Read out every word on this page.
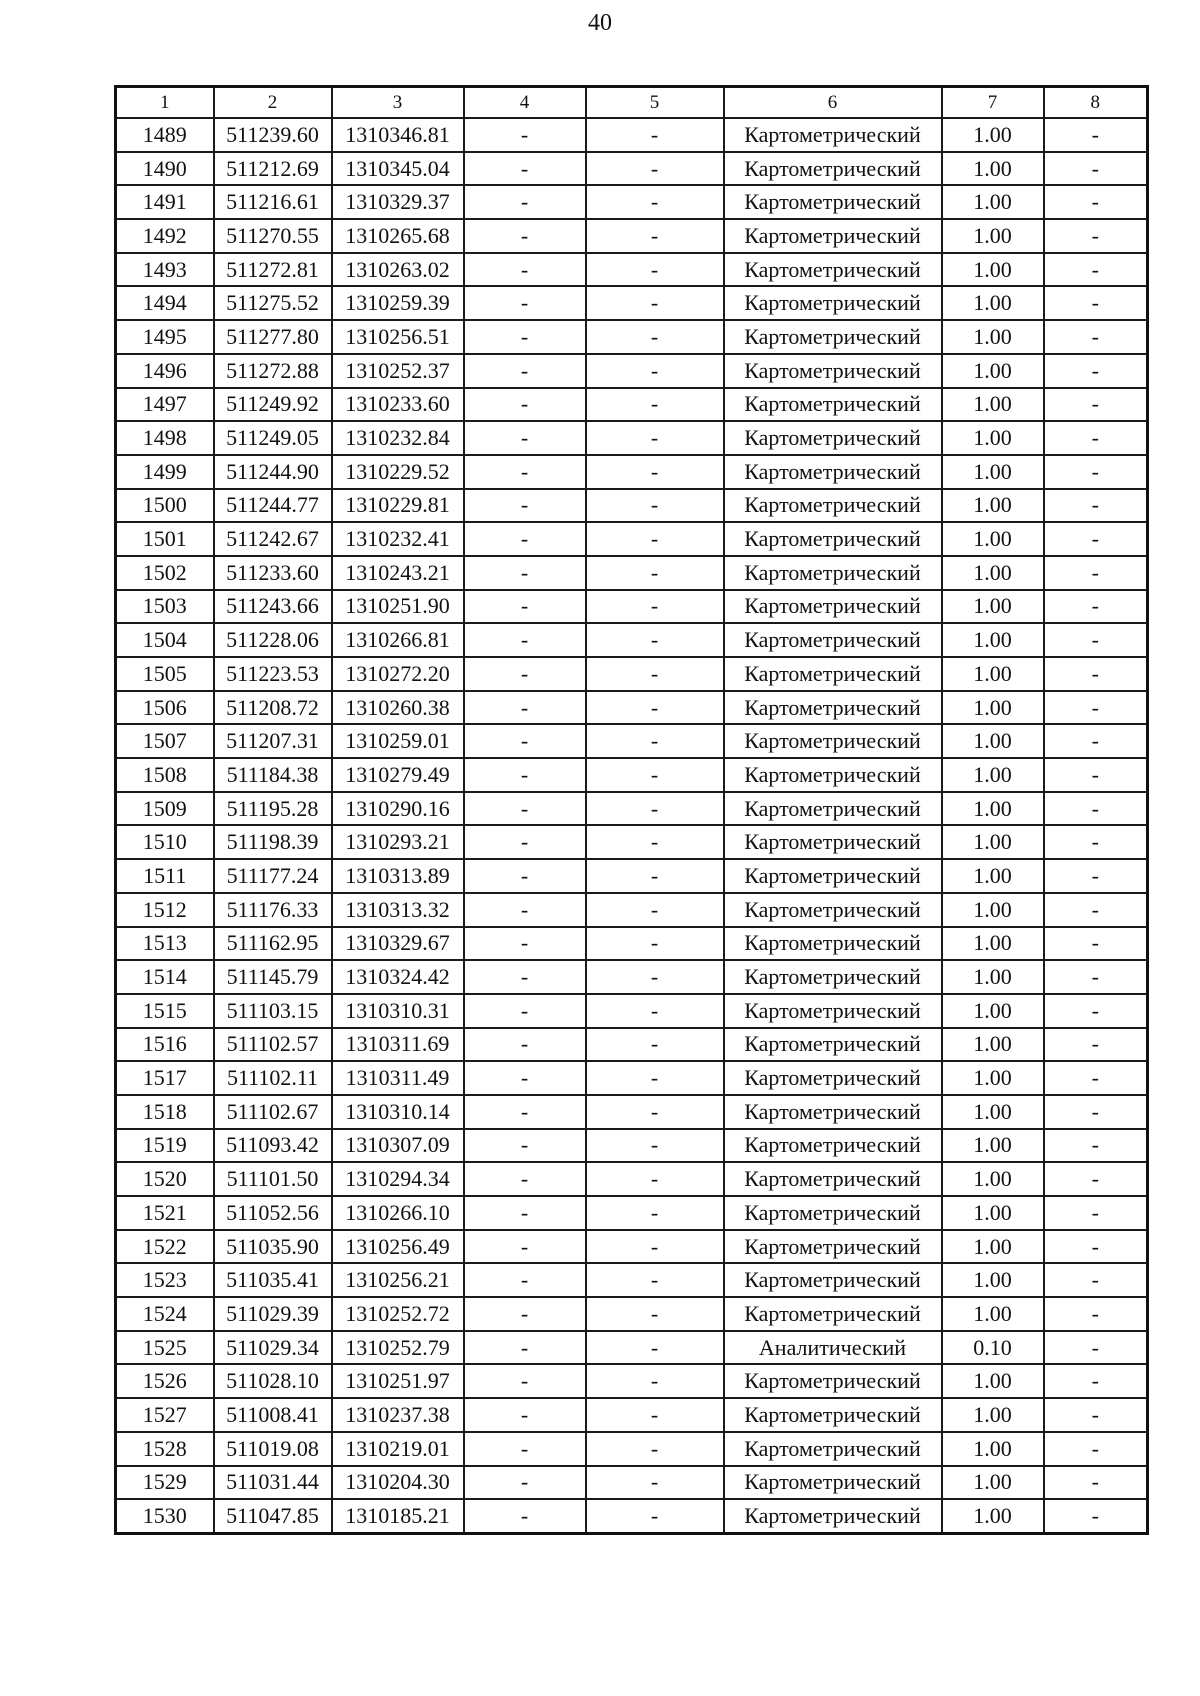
40
1	2	3	4	5	6	7	8
1489	511239.60	1310346.81	-	-	Картометрический	1.00	-
1490	511212.69	1310345.04	-	-	Картометрический	1.00	-
1491	511216.61	1310329.37	-	-	Картометрический	1.00	-
1492	511270.55	1310265.68	-	-	Картометрический	1.00	-
1493	511272.81	1310263.02	-	-	Картометрический	1.00	-
1494	511275.52	1310259.39	-	-	Картометрический	1.00	-
1495	511277.80	1310256.51	-	-	Картометрический	1.00	-
1496	511272.88	1310252.37	-	-	Картометрический	1.00	-
1497	511249.92	1310233.60	-	-	Картометрический	1.00	-
1498	511249.05	1310232.84	-	-	Картометрический	1.00	-
1499	511244.90	1310229.52	-	-	Картометрический	1.00	-
1500	511244.77	1310229.81	-	-	Картометрический	1.00	-
1501	511242.67	1310232.41	-	-	Картометрический	1.00	-
1502	511233.60	1310243.21	-	-	Картометрический	1.00	-
1503	511243.66	1310251.90	-	-	Картометрический	1.00	-
1504	511228.06	1310266.81	-	-	Картометрический	1.00	-
1505	511223.53	1310272.20	-	-	Картометрический	1.00	-
1506	511208.72	1310260.38	-	-	Картометрический	1.00	-
1507	511207.31	1310259.01	-	-	Картометрический	1.00	-
1508	511184.38	1310279.49	-	-	Картометрический	1.00	-
1509	511195.28	1310290.16	-	-	Картометрический	1.00	-
1510	511198.39	1310293.21	-	-	Картометрический	1.00	-
1511	511177.24	1310313.89	-	-	Картометрический	1.00	-
1512	511176.33	1310313.32	-	-	Картометрический	1.00	-
1513	511162.95	1310329.67	-	-	Картометрический	1.00	-
1514	511145.79	1310324.42	-	-	Картометрический	1.00	-
1515	511103.15	1310310.31	-	-	Картометрический	1.00	-
1516	511102.57	1310311.69	-	-	Картометрический	1.00	-
1517	511102.11	1310311.49	-	-	Картометрический	1.00	-
1518	511102.67	1310310.14	-	-	Картометрический	1.00	-
1519	511093.42	1310307.09	-	-	Картометрический	1.00	-
1520	511101.50	1310294.34	-	-	Картометрический	1.00	-
1521	511052.56	1310266.10	-	-	Картометрический	1.00	-
1522	511035.90	1310256.49	-	-	Картометрический	1.00	-
1523	511035.41	1310256.21	-	-	Картометрический	1.00	-
1524	511029.39	1310252.72	-	-	Картометрический	1.00	-
1525	511029.34	1310252.79	-	-	Аналитический	0.10	-
1526	511028.10	1310251.97	-	-	Картометрический	1.00	-
1527	511008.41	1310237.38	-	-	Картометрический	1.00	-
1528	511019.08	1310219.01	-	-	Картометрический	1.00	-
1529	511031.44	1310204.30	-	-	Картометрический	1.00	-
1530	511047.85	1310185.21	-	-	Картометрический	1.00	-
